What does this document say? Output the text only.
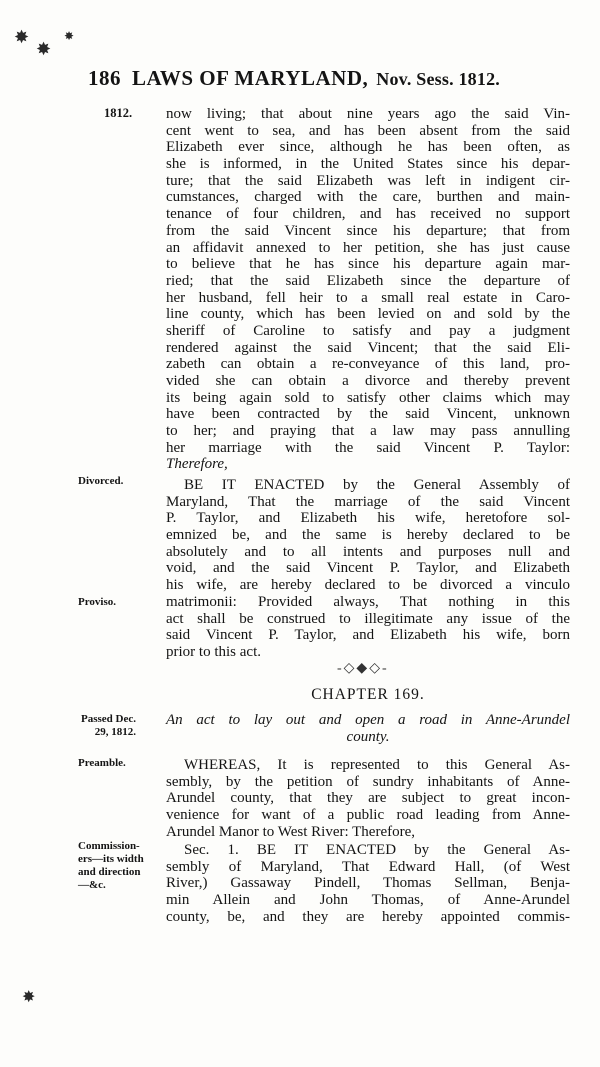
✸
✸
✸
✸
186 LAWS OF MARYLAND, Nov. Sess. 1812.
1812.
Divorced.
Proviso.
Passed Dec.
29, 1812.
Preamble.
Commission-
ers—its width
and direction
—&c.
now living; that about nine years ago the said Vin-
cent went to sea, and has been absent from the said
Elizabeth ever since, although he has been often, as
she is informed, in the United States since his depar-
ture; that the said Elizabeth was left in indigent cir-
cumstances, charged with the care, burthen and main-
tenance of four children, and has received no support
from the said Vincent since his departure; that from
an affidavit annexed to her petition, she has just cause
to believe that he has since his departure again mar-
ried; that the said Elizabeth since the departure of
her husband, fell heir to a small real estate in Caro-
line county, which has been levied on and sold by the
sheriff of Caroline to satisfy and pay a judgment
rendered against the said Vincent; that the said Eli-
zabeth can obtain a re-conveyance of this land, pro-
vided she can obtain a divorce and thereby prevent
its being again sold to satisfy other claims which may
have been contracted by the said Vincent, unknown
to her; and praying that a law may pass annulling
her marriage with the said Vincent P. Taylor:
Therefore,
BE IT ENACTED by the General Assembly of
Maryland, That the marriage of the said Vincent
P. Taylor, and Elizabeth his wife, heretofore sol-
emnized be, and the same is hereby declared to be
absolutely and to all intents and purposes null and
void, and the said Vincent P. Taylor, and Elizabeth
his wife, are hereby declared to be divorced a vinculo
matrimonii: Provided always, That nothing in this
act shall be construed to illegitimate any issue of the
said Vincent P. Taylor, and Elizabeth his wife, born
prior to this act.
-◇◆◇-
CHAPTER 169.
An act to lay out and open a road in Anne-Arundel
county.
WHEREAS, It is represented to this General As-
sembly, by the petition of sundry inhabitants of Anne-
Arundel county, that they are subject to great incon-
venience for want of a public road leading from Anne-
Arundel Manor to West River: Therefore,
Sec. 1. BE IT ENACTED by the General As-
sembly of Maryland, That Edward Hall, (of West
River,) Gassaway Pindell, Thomas Sellman, Benja-
min Allein and John Thomas, of Anne-Arundel
county, be, and they are hereby appointed commis-
